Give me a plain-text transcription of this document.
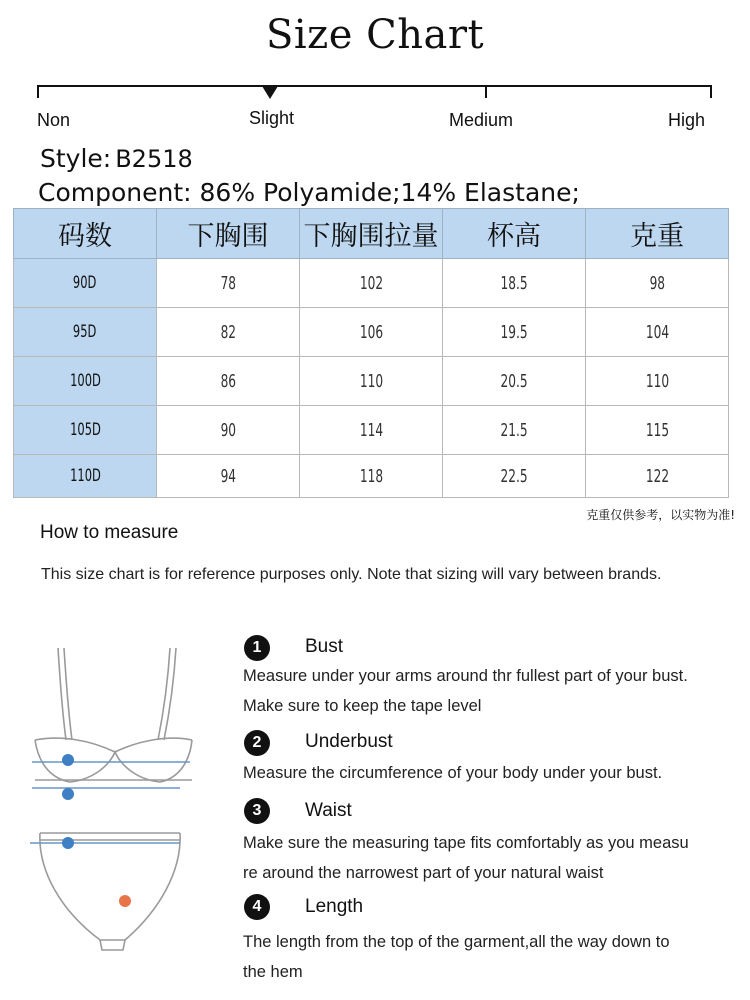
Size Chart
Non	Slight	Medium	High
Style: B2518
Component: 86% Polyamide;14% Elastane;
码数	下胸围	下胸围拉量	杯高	克重
90D	78	102	18.5	98
95D	82	106	19.5	104
100D	86	110	20.5	110
105D	90	114	21.5	115
110D	94	118	22.5	122
克重仅供参考，以实物为准!
How to measure
This size chart is for reference purposes only. Note that sizing will vary between brands.
1	Bust
Measure under your arms around thr fullest part of your bust.
Make sure to keep the tape level
2	Underbust
Measure the circumference of your body under your bust.
3	Waist
Make sure the measuring tape fits comfortably as you measu
re around the narrowest part of your natural waist
4	Length
The length from the top of the garment,all the way down to
the hem
